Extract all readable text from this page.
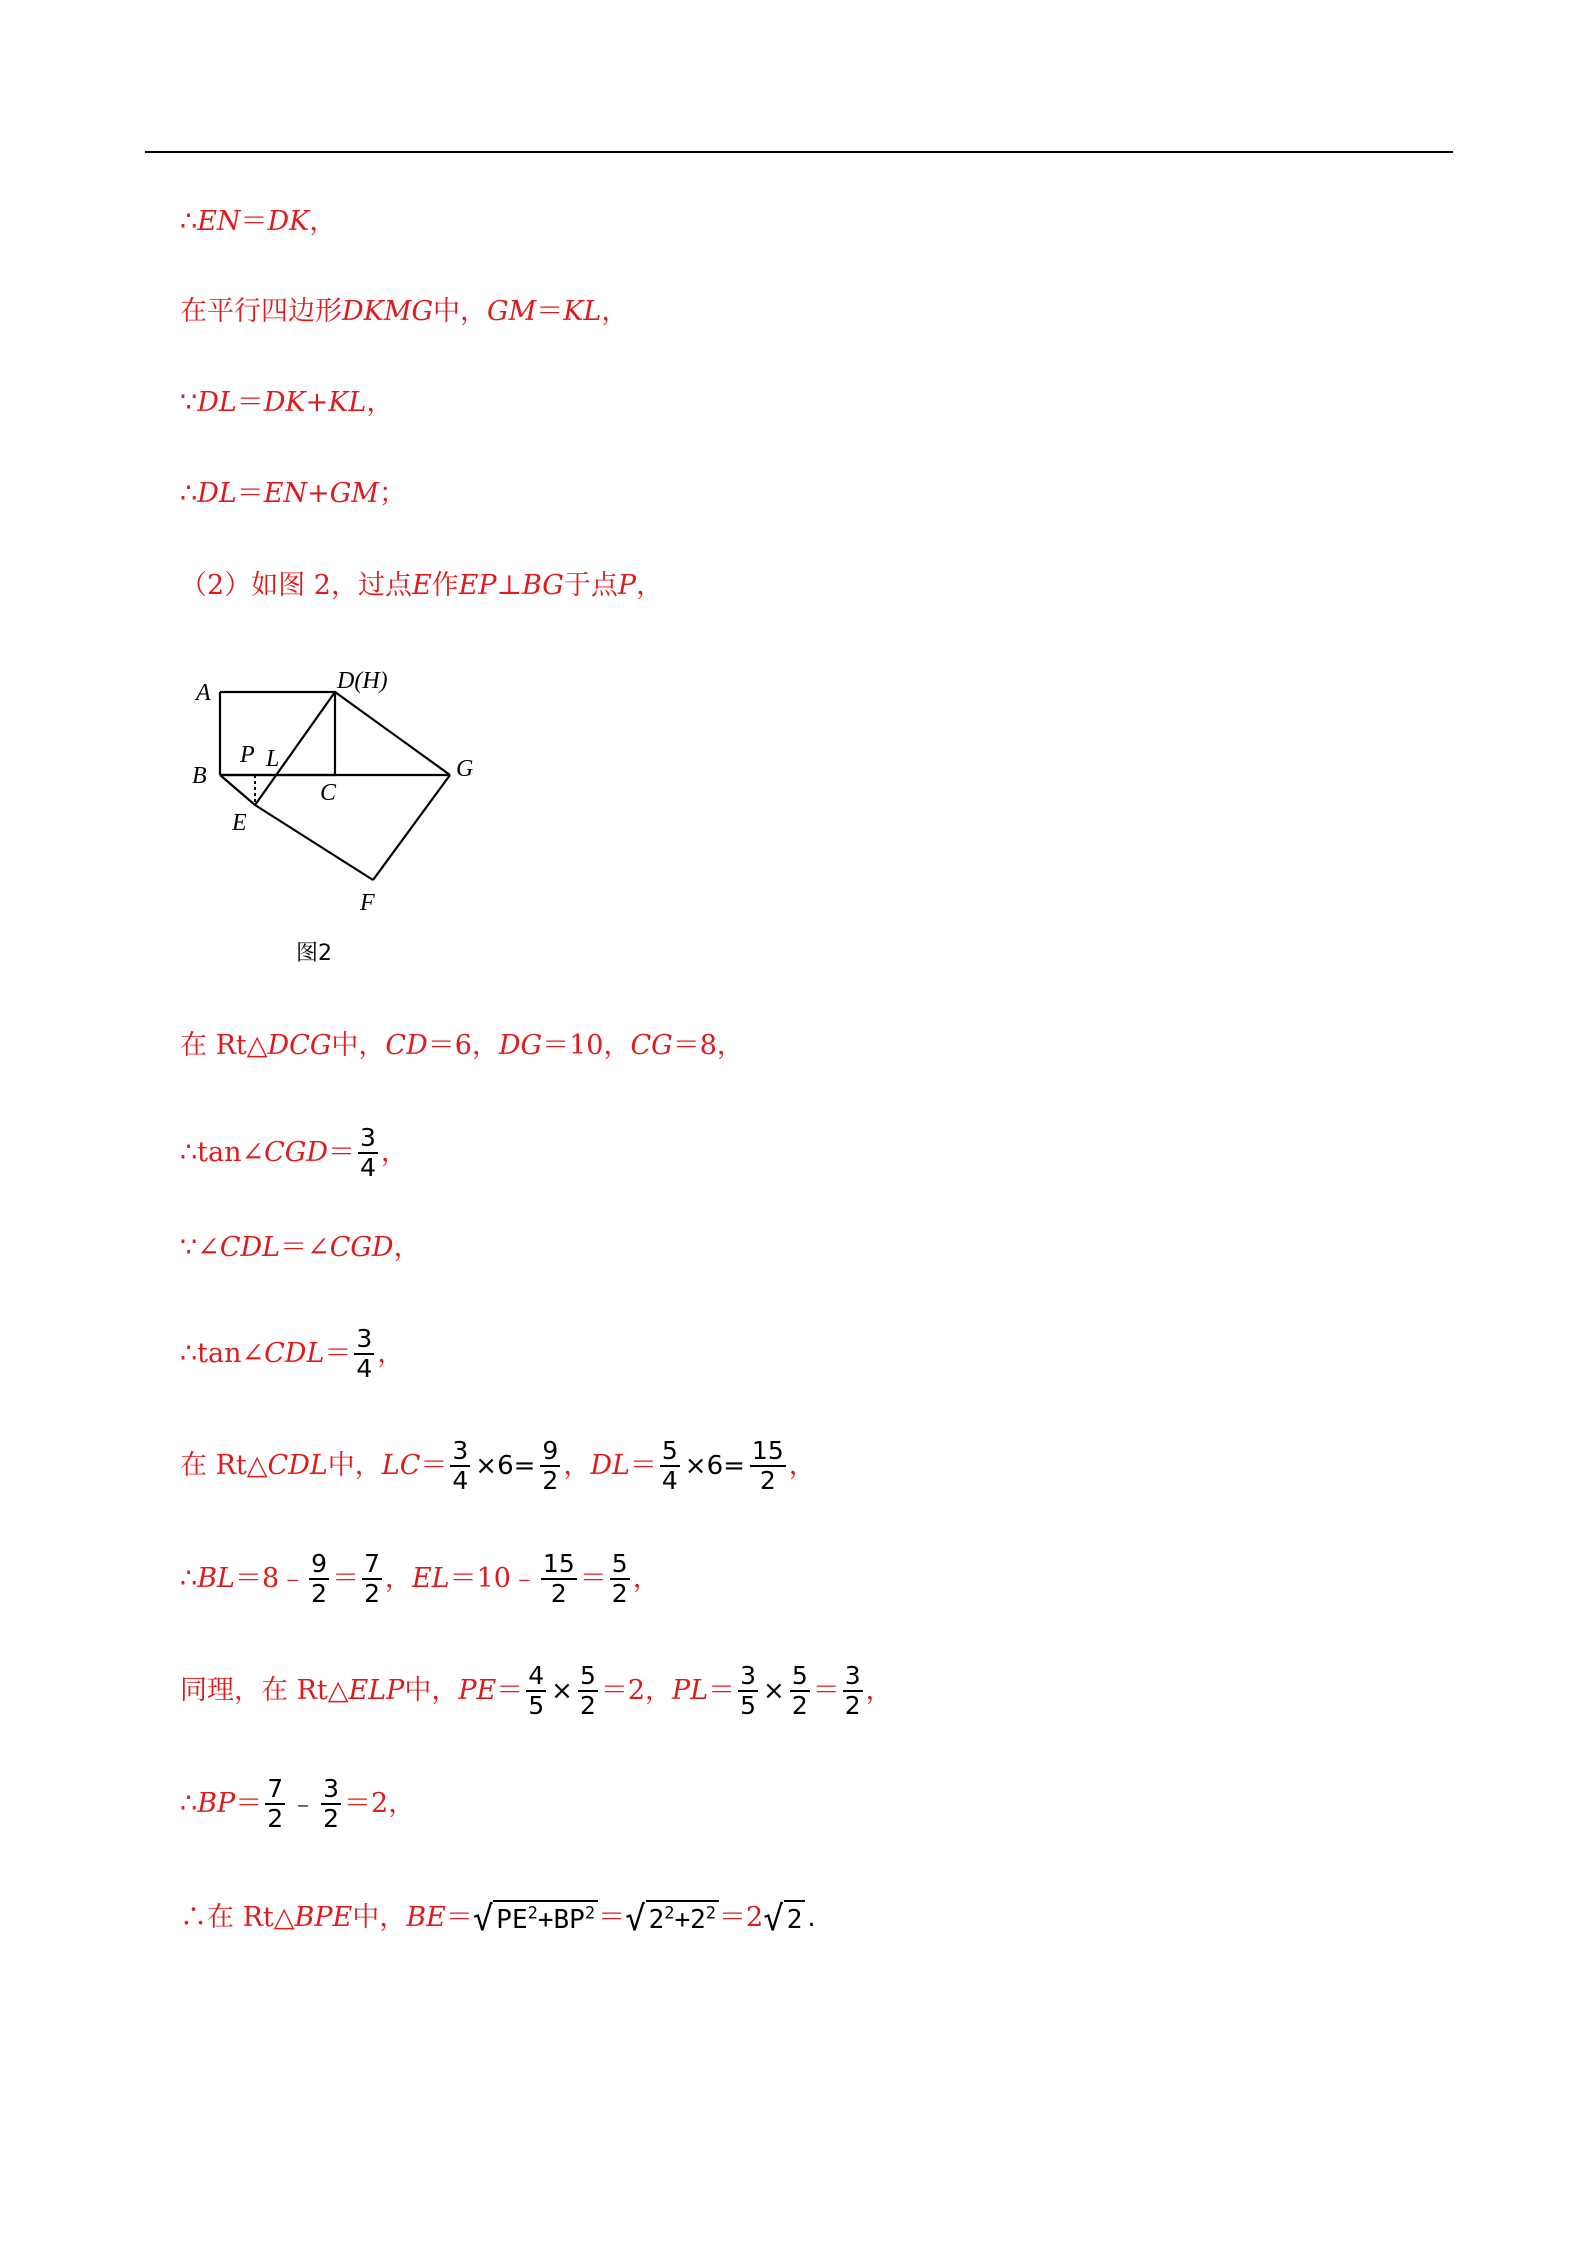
∴ EN ＝ DK ，
在平行四边形 DKMG 中， GM ＝ KL ，
∵ DL ＝ DK + KL ，
∴ DL ＝ EN + GM ；
（2）如图 2，过点 E 作 EP ⊥ BG 于点 P ，
A	D(H)
B
P L
C
G
E
F
图2
在 Rt△ DCG 中， CD ＝6， DG ＝10， CG ＝8，
∴tan∠ CGD ＝ $\frac{3}{4}$ ，
∵∠ CDL ＝∠ CGD ，
∴tan∠ CDL ＝ $\frac{3}{4}$ ，
在 Rt△ CDL 中， LC ＝ $\frac{3}{4} \times 6= \frac{9}{2}$ ， DL ＝ $\frac{5}{4} \times 6= \frac{15}{2}$ ，
∴ BL ＝8﹣ $\frac{9}{2} = \frac{7}{2}$ ， EL ＝10﹣ $\frac{15}{2} = \frac{5}{2}$ ，
同理，在 Rt△ ELP 中， PE ＝ $\frac{4}{5} \times \frac{5}{2} =2$， PL ＝ $\frac{3}{5} \times \frac{5}{2} = \frac{3}{2}$ ，
∴ BP ＝ $\frac{7}{2}$ ﹣ $\frac{3}{2} =2$，
∴在 Rt△ BPE 中， BE ＝ √ $PE^2+BP^2$ ＝ √ $2^2+2^2 =2$ √ 2 .
